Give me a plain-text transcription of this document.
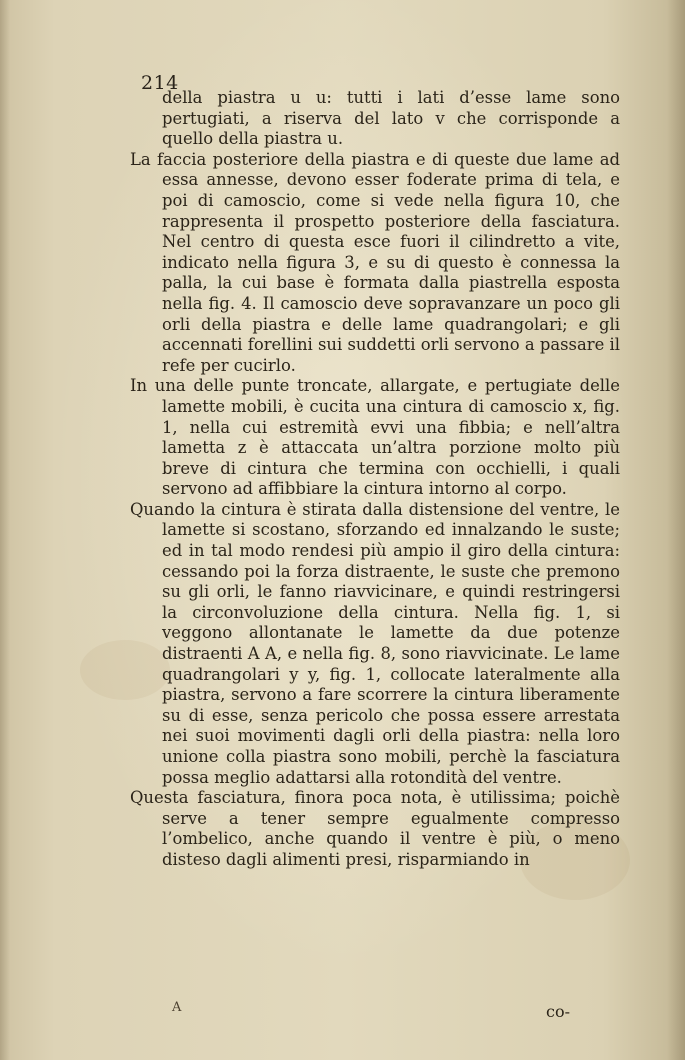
214

della piastra u u: tutti i lati d’esse lame sono pertugiati, a riserva del lato v che corrisponde a quello della piastra u.

La faccia posteriore della piastra e di queste due lame ad essa annesse, devono esser foderate prima di tela, e poi di camoscio, come si vede nella figura 10, che rappresenta il prospetto posteriore della fasciatura. Nel centro di questa esce fuori il cilindretto a vite, indicato nella figura 3, e su di questo è connessa la palla, la cui base è formata dalla piastrella esposta nella fig. 4. Il camoscio deve sopravanzare un poco gli orli della piastra e delle lame quadrangolari; e gli accennati forellini sui suddetti orli servono a passare il refe per cucirlo.

In una delle punte troncate, allargate, e pertugiate delle lamette mobili, è cucita una cintura di camoscio x, fig. 1, nella cui estremità evvi una fibbia; e nell’altra lametta z è attaccata un’altra porzione molto più breve di cintura che termina con occhielli, i quali servono ad affibbiare la cintura intorno al corpo.

Quando la cintura è stirata dalla distensione del ventre, le lamette si scostano, sforzando ed innalzando le suste; ed in tal modo rendesi più ampio il giro della cintura: cessando poi la forza distraente, le suste che premono su gli orli, le fanno riavvicinare, e quindi restringersi la circonvoluzione della cintura. Nella fig. 1, si veggono allontanate le lamette da due potenze distraenti A A, e nella fig. 8, sono riavvicinate. Le lame quadrangolari y y, fig. 1, collocate lateralmente alla piastra, servono a fare scorrere la cintura liberamente su di esse, senza pericolo che possa essere arrestata nei suoi movimenti dagli orli della piastra: nella loro unione colla piastra sono mobili, perchè la fasciatura possa meglio adattarsi alla rotondità del ventre.

Questa fasciatura, finora poca nota, è utilissima; poichè serve a tener sempre egualmente compresso l’ombelico, anche quando il ventre è più, o meno disteso dagli alimenti presi, risparmiando in

A	co-
